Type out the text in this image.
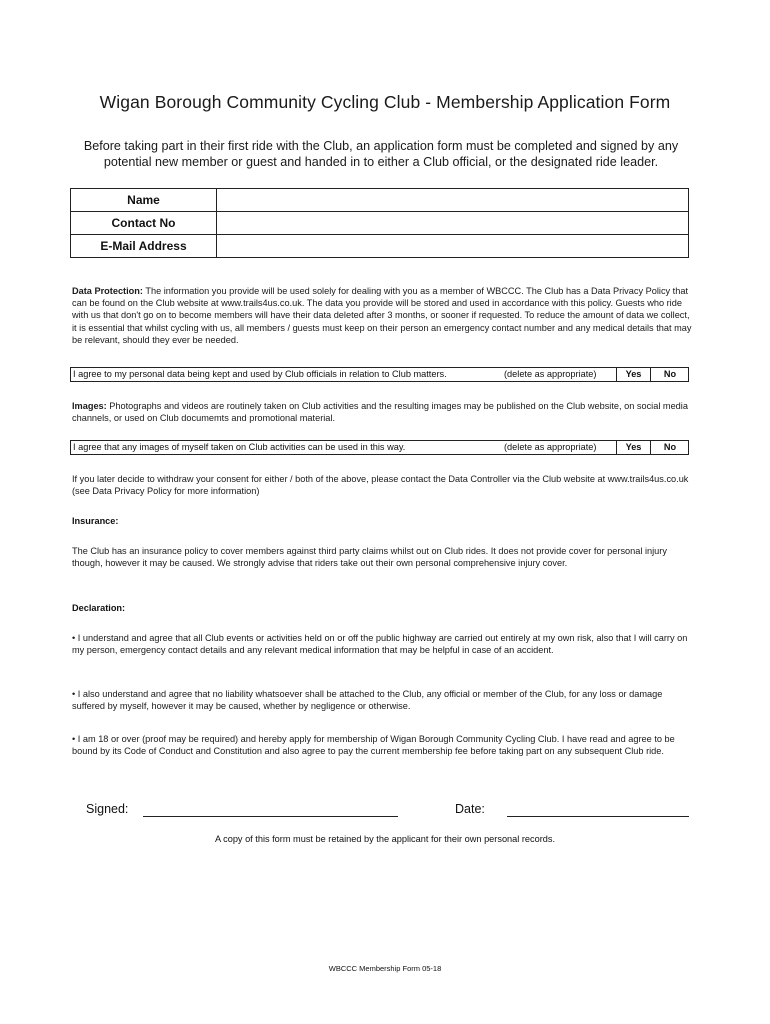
Wigan Borough Community Cycling Club - Membership Application Form
Before taking part in their first ride with the Club, an application form must be completed and signed by any potential new member or guest and handed in to either a Club official, or the designated ride leader.
Name	
Contact No	
E-Mail Address	
Data Protection: The information you provide will be used solely for dealing with you as a member of WBCCC. The Club has a Data Privacy Policy that can be found on the Club website at www.trails4us.co.uk. The data you provide will be stored and used in accordance with this policy. Guests who ride with us that don't go on to become members will have their data deleted after 3 months, or sooner if requested. To reduce the amount of data we collect, it is essential that whilst cycling with us, all members / guests must keep on their person an emergency contact number and any medical details that may be relevant, should they ever be needed.
I agree to my personal data being kept and used by Club officials in relation to Club matters.	(delete as appropriate)	Yes	No
Images: Photographs and videos are routinely taken on Club activities and the resulting images may be published on the Club website, on social media channels, or used on Club documemts and promotional material.
I agree that any images of myself taken on Club activities can be used in this way.	(delete as appropriate)	Yes	No
If you later decide to withdraw your consent for either / both of the above, please contact the Data Controller via the Club website at www.trails4us.co.uk (see Data Privacy Policy for more information)
Insurance:
The Club has an insurance policy to cover members against third party claims whilst out on Club rides. It does not provide cover for personal injury though, however it may be caused. We strongly advise that riders take out their own personal comprehensive injury cover.
Declaration:
• I understand and agree that all Club events or activities held on or off the public highway are carried out entirely at my own risk, also that I will carry on my person, emergency contact details and any relevant medical information that may be helpful in case of an accident.
• I also understand and agree that no liability whatsoever shall be attached to the Club, any official or member of the Club, for any loss or damage suffered by myself, however it may be caused, whether by negligence or otherwise.
• I am 18 or over (proof may be required) and hereby apply for membership of Wigan Borough Community Cycling Club. I have read and agree to be bound by its Code of Conduct and Constitution and also agree to pay the current membership fee before taking part on any subsequent Club ride.
Signed:	Date:
A copy of this form must be retained by the applicant for their own personal records.
WBCCC Membership Form 05-18
